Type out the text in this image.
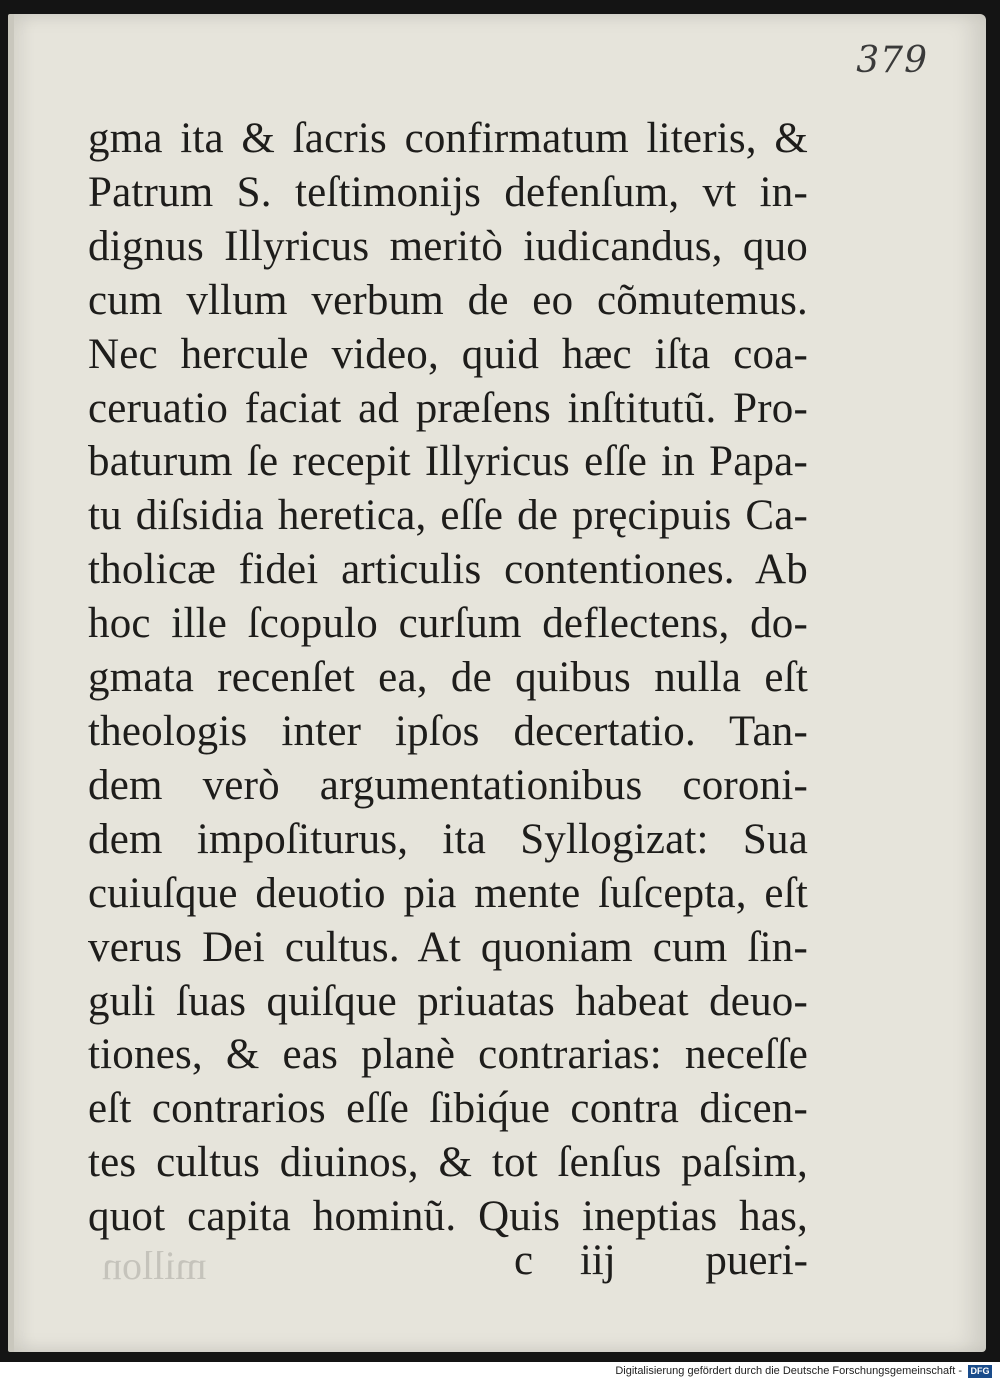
379
gma ita & ſacris confirmatum literis, &
Patrum S. teſtimonijs defenſum, vt in-
dignus Illyricus meritò iudicandus, quo
cum vllum verbum de eo cõmutemus.
Nec hercule video, quid hæc iſta coa-
ceruatio faciat ad præſens inſtitutũ. Pro-
baturum ſe recepit Illyricus eſſe in Papa-
tu diſsidia heretica, eſſe de pręcipuis Ca-
tholicæ fidei articulis contentiones. Ab
hoc ille ſcopulo curſum deflectens, do-
gmata recenſet ea, de quibus nulla eſt
theologis inter ipſos decertatio. Tan-
dem verò argumentationibus coroni-
dem impoſiturus, ita Syllogizat: Sua
cuiuſque deuotio pia mente ſuſcepta, eſt
verus Dei cultus. At quoniam cum ſin-
guli ſuas quiſque priuatas habeat deuo-
tiones, & eas planè contrarias: neceſſe
eſt contrarios eſſe ſibiq́ue contra dicen-
tes cultus diuinos, & tot ſenſus paſsim,
quot capita hominũ. Quis ineptias has,
millon	c iij pueri-
Digitalisierung gefördert durch die Deutsche Forschungsgemeinschaft - DFG
